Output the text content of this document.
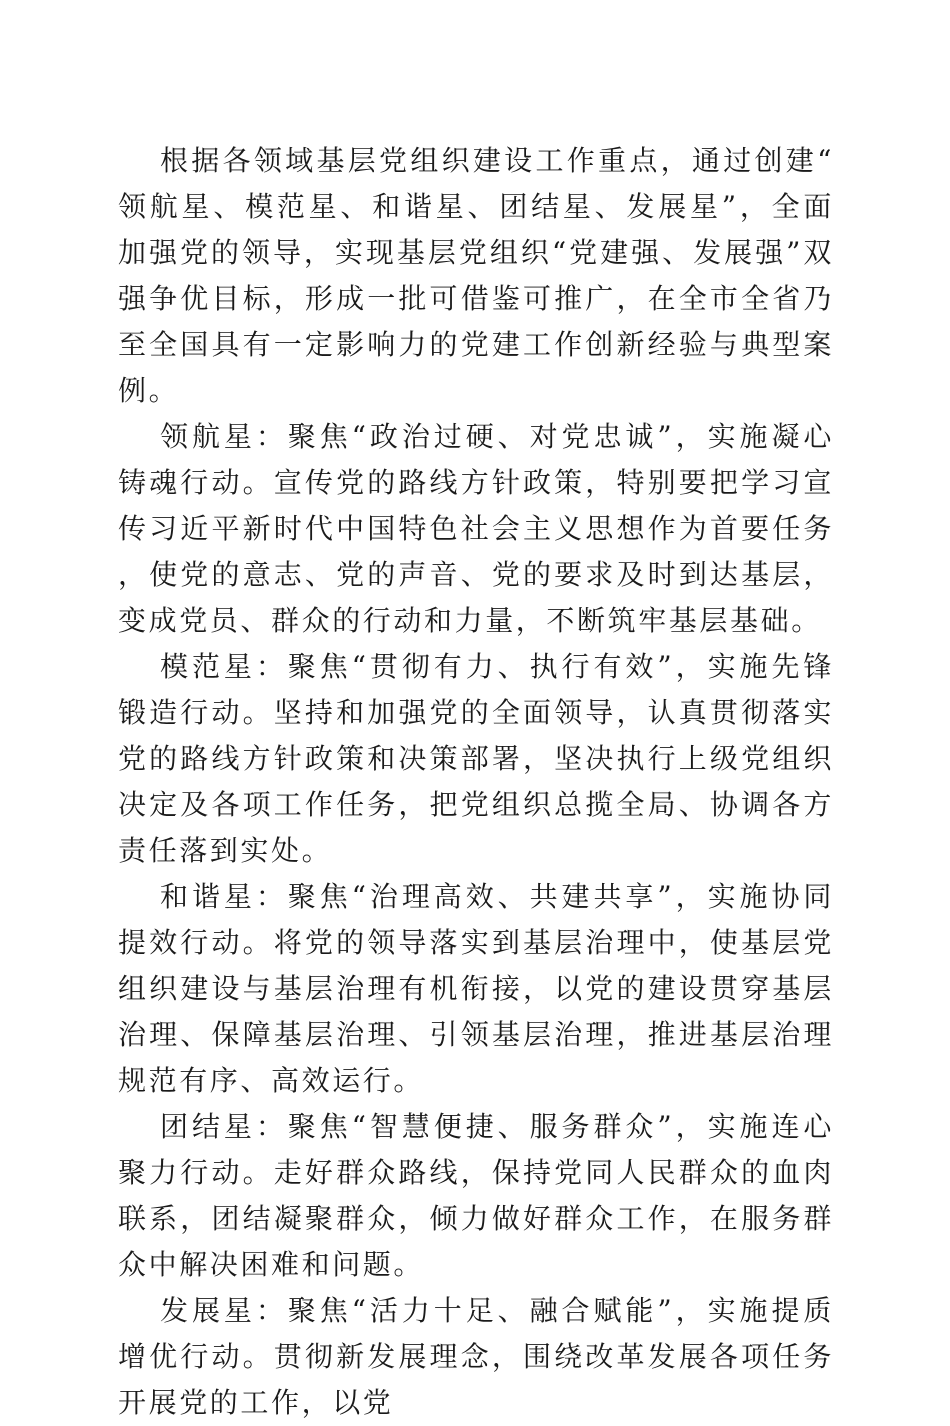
根据各领域基层党组织建设工作重点，通过创建“领航星、模范星、和谐星、团结星、发展星”，全面加强党的领导，实现基层党组织“党建强、发展强”双强争优目标，形成一批可借鉴可推广，在全市全省乃至全国具有一定影响力的党建工作创新经验与典型案例。

领航星：聚焦“政治过硬、对党忠诚”，实施凝心铸魂行动。宣传党的路线方针政策，特别要把学习宣传习近平新时代中国特色社会主义思想作为首要任务，使党的意志、党的声音、党的要求及时到达基层，变成党员、群众的行动和力量，不断筑牢基层基础。

模范星：聚焦“贯彻有力、执行有效”，实施先锋锻造行动。坚持和加强党的全面领导，认真贯彻落实党的路线方针政策和决策部署，坚决执行上级党组织决定及各项工作任务，把党组织总揽全局、协调各方责任落到实处。

和谐星：聚焦“治理高效、共建共享”，实施协同提效行动。将党的领导落实到基层治理中，使基层党组织建设与基层治理有机衔接，以党的建设贯穿基层治理、保障基层治理、引领基层治理，推进基层治理规范有序、高效运行。

团结星：聚焦“智慧便捷、服务群众”，实施连心聚力行动。走好群众路线，保持党同人民群众的血肉联系，团结凝聚群众，倾力做好群众工作，在服务群众中解决困难和问题。

发展星：聚焦“活力十足、融合赋能”，实施提质增优行动。贯彻新发展理念，围绕改革发展各项任务开展党的工作，以党
